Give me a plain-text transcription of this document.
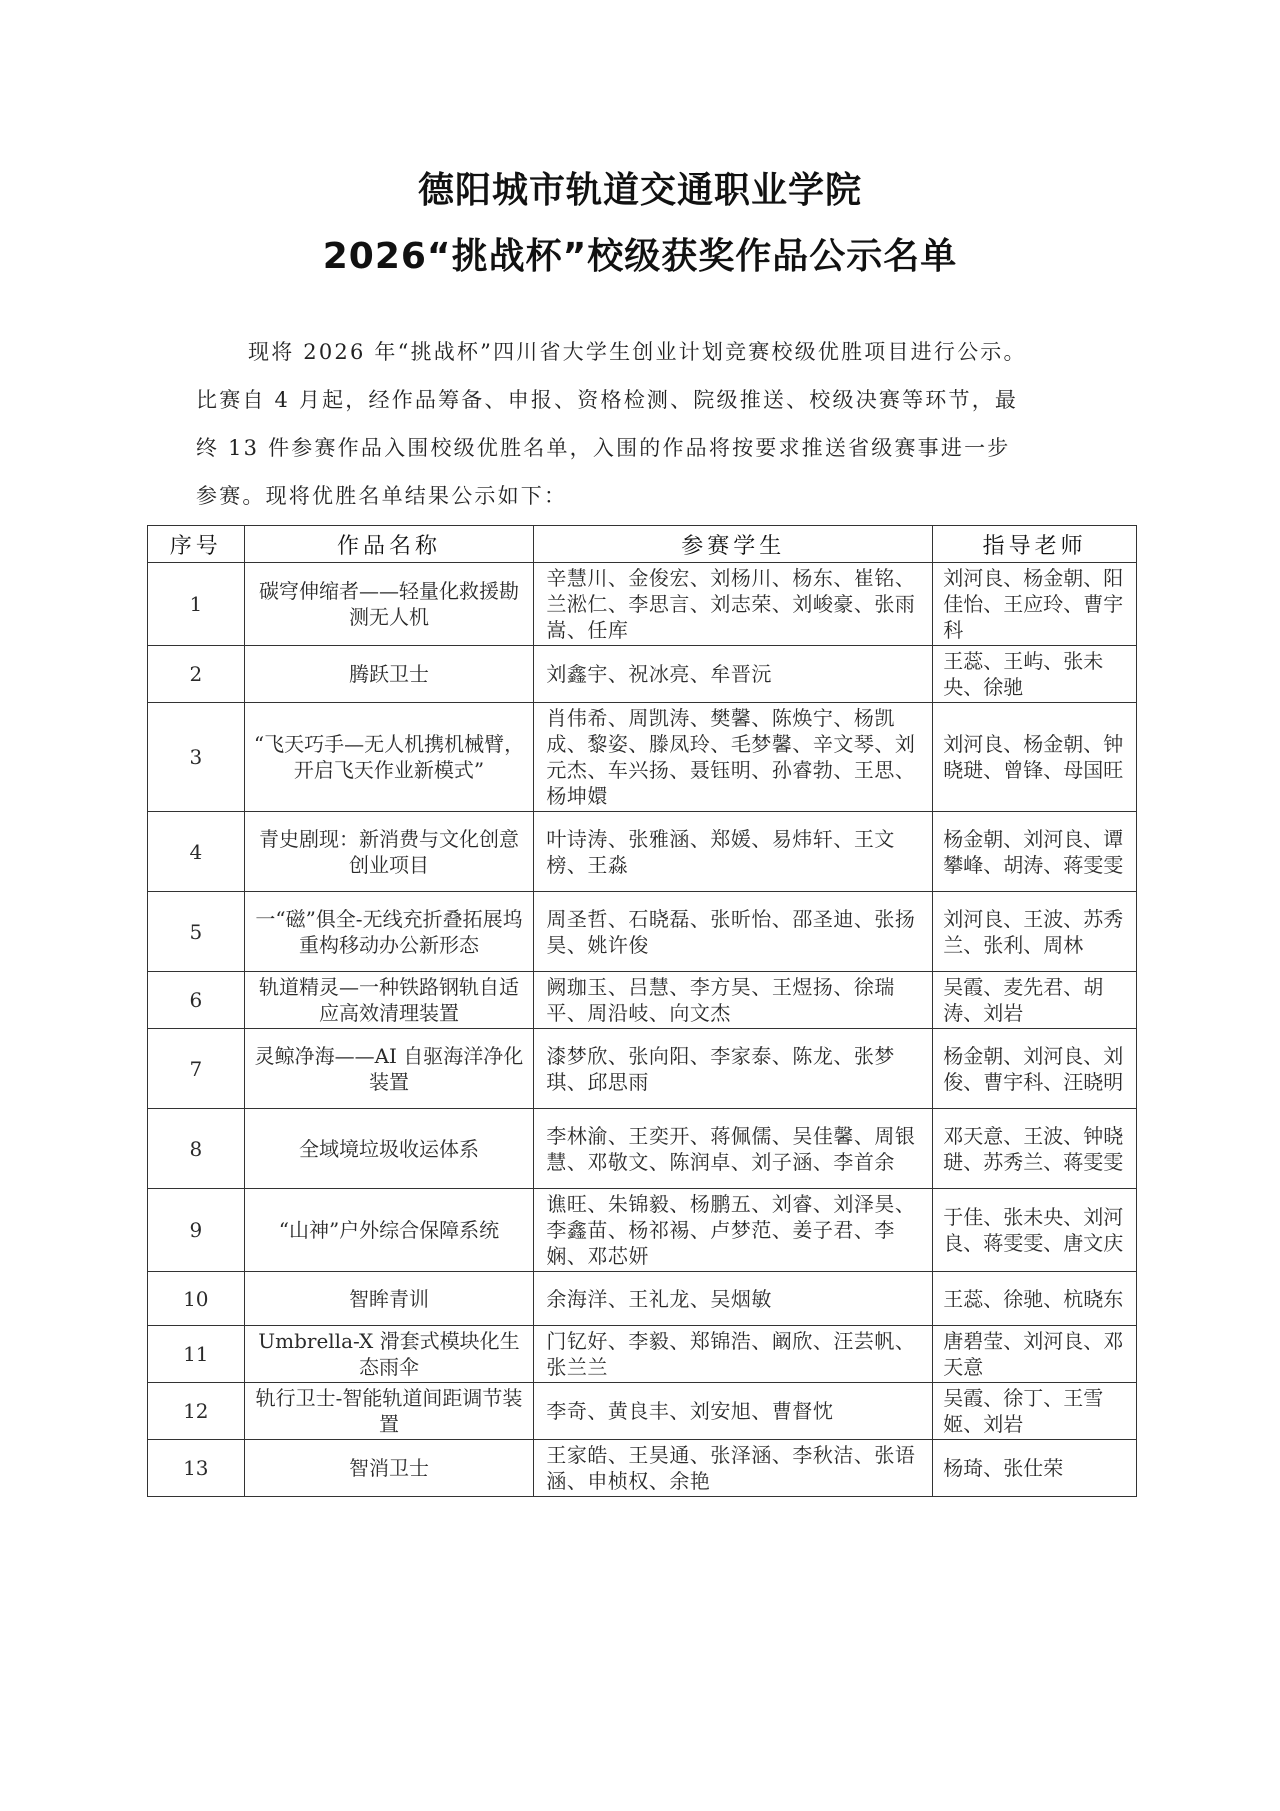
德阳城市轨道交通职业学院
2026“挑战杯”校级获奖作品公示名单

现将 2026 年“挑战杯”四川省大学生创业计划竞赛校级优胜项目进行公示。

比赛自 4 月起，经作品筹备、申报、资格检测、院级推送、校级决赛等环节，最

终 13 件参赛作品入围校级优胜名单，入围的作品将按要求推送省级赛事进一步

参赛。现将优胜名单结果公示如下：

序号	作品名称	参赛学生	指导老师
1	碳穹伸缩者——轻量化救援勘测无人机	辛慧川、金俊宏、刘杨川、杨东、崔铭、兰淞仁、李思言、刘志荣、刘峻豪、张雨嵩、任库	刘河良、杨金朝、阳佳怡、王应玲、曹宇科
2	腾跃卫士	刘鑫宇、祝冰亮、牟晋沅	王蕊、王屿、张未央、徐驰
3	“飞天巧手—无人机携机械臂，开启飞天作业新模式”	肖伟希、周凯涛、樊馨、陈焕宁、杨凯成、黎姿、滕凤玲、毛梦馨、辛文琴、刘元杰、车兴扬、聂钰明、孙睿勃、王思、杨坤嬛	刘河良、杨金朝、钟晓琎、曾锋、母国旺
4	青史剧现：新消费与文化创意创业项目	叶诗涛、张雅涵、郑媛、易炜轩、王文榜、王淼	杨金朝、刘河良、谭攀峰、胡涛、蒋雯雯
5	一“磁”俱全-无线充折叠拓展坞重构移动办公新形态	周圣哲、石晓磊、张昕怡、邵圣迪、张扬昊、姚许俊	刘河良、王波、苏秀兰、张利、周林
6	轨道精灵—一种铁路钢轨自适应高效清理装置	阙珈玉、吕慧、李方昊、王煜扬、徐瑞平、周沿岐、向文杰	吴霞、麦先君、胡涛、刘岩
7	灵鲸净海——AI 自驱海洋净化装置	漆梦欣、张向阳、李家泰、陈龙、张梦琪、邱思雨	杨金朝、刘河良、刘俊、曹宇科、汪晓明
8	全域境垃圾收运体系	李林渝、王奕开、蒋佩儒、吴佳馨、周银慧、邓敬文、陈润卓、刘子涵、李首余	邓天意、王波、钟晓琎、苏秀兰、蒋雯雯
9	“山神”户外综合保障系统	谯旺、朱锦毅、杨鹏五、刘睿、刘泽昊、李鑫苗、杨祁裼、卢梦范、姜子君、李娴、邓芯妍	于佳、张未央、刘河良、蒋雯雯、唐文庆
10	智眸青训	余海洋、王礼龙、吴烟敏	王蕊、徐驰、杭晓东
11	Umbrella-X 滑套式模块化生态雨伞	门钇好、李毅、郑锦浩、阚欣、汪芸帆、张兰兰	唐碧莹、刘河良、邓天意
12	轨行卫士-智能轨道间距调节装置	李奇、黄良丰、刘安旭、曹督忱	吴霞、徐丁、王雪姬、刘岩
13	智消卫士	王家皓、王昊通、张泽涵、李秋洁、张语涵、申桢权、余艳	杨琦、张仕荣
